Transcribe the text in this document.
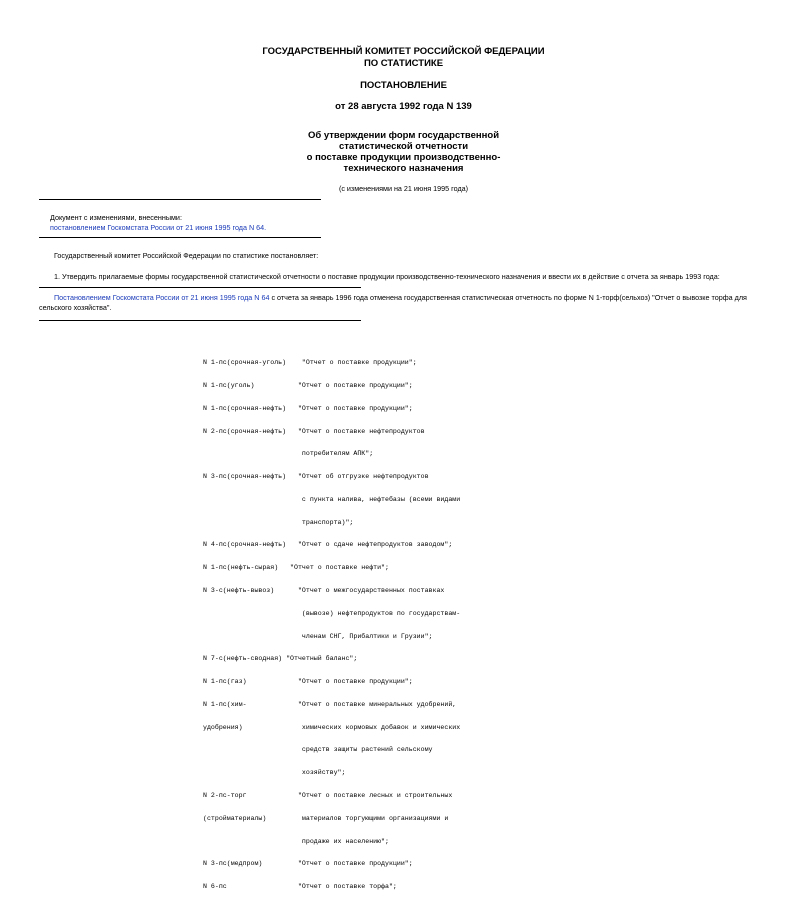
ГОСУДАРСТВЕННЫЙ КОМИТЕТ РОССИЙСКОЙ ФЕДЕРАЦИИ
ПО СТАТИСТИКЕ
ПОСТАНОВЛЕНИЕ
от 28 августа 1992 года N 139
Об утверждении форм государственной
статистической отчетности
о поставке продукции производственно-
технического назначения
(с изменениями на 21 июня 1995 года)
Документ с изменениями, внесенными:
постановлением Госкомстата России от 21 июня 1995 года N 64.
Государственный комитет Российской Федерации по статистике постановляет:
1. Утвердить прилагаемые формы государственной статистической отчетности о поставке продукции производственно-технического назначения и ввести их в действие с отчета за январь 1993 года:
Постановлением Госкомстата России от 21 июня 1995 года N 64 с отчета за январь 1996 года отменена государственная статистическая отчетность по форме N 1-торф(сельхоз) "Отчет о вывозке торфа для
сельского хозяйства".

N 1-пс(срочная-уголь)    "Отчет о поставке продукции";

N 1-пс(уголь)           "Отчет о поставке продукции";

N 1-пс(срочная-нефть)   "Отчет о поставке продукции";

N 2-пс(срочная-нефть)   "Отчет о поставке нефтепродуктов

потребителям АПК";

N 3-пс(срочная-нефть)   "Отчет об отгрузке нефтепродуктов

с пункта налива, нефтебазы (всеми видами

транспорта)";

N 4-пс(срочная-нефть)   "Отчет о сдаче нефтепродуктов заводом";

N 1-пс(нефть-сырая)   "Отчет о поставке нефти";

N 3-с(нефть-вывоз)      "Отчет о межгосударственных поставках

(вывозе) нефтепродуктов по государствам-

членам СНГ, Прибалтики и Грузии";

N 7-с(нефть-сводная) "Отчетный баланс";

N 1-пс(газ)             "Отчет о поставке продукции";

N 1-пс(хим-             "Отчет о поставке минеральных удобрений,

удобрения)               химических кормовых добавок и химических

средств защиты растений сельскому

хозяйству";

N 2-пс-торг             "Отчет о поставке лесных и строительных

(стройматериалы)         материалов торгующими организациями и

продаже их населению";

N 3-пс(медпром)         "Отчет о поставке продукции";

N 6-пс                  "Отчет о поставке торфа";
